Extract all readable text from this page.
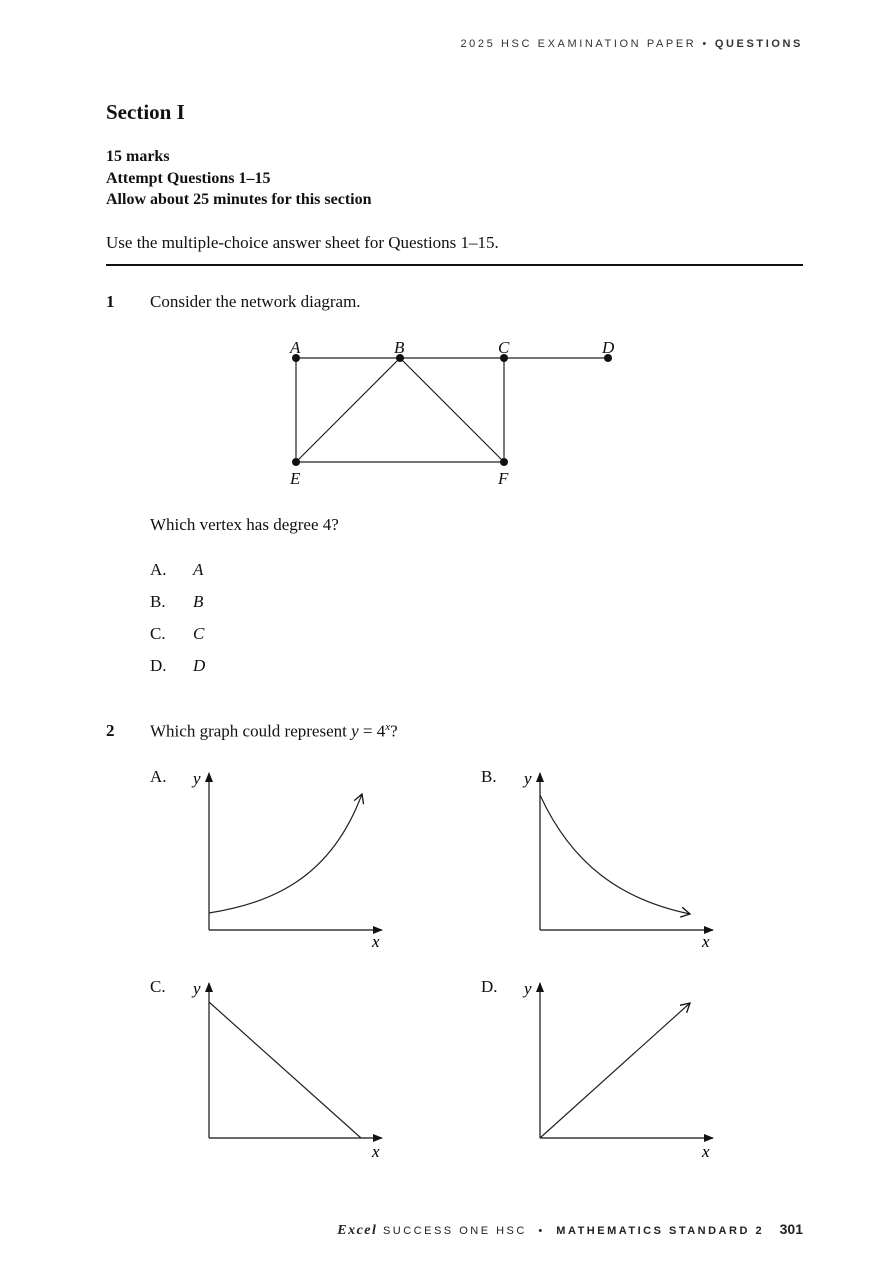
2025 HSC EXAMINATION PAPER • QUESTIONS
Section I
15 marks
Attempt Questions 1–15
Allow about 25 minutes for this section
Use the multiple-choice answer sheet for Questions 1–15.
1 Consider the network diagram.
A	B	C	D
E	F
Which vertex has degree 4?
A. A
B. B
C. C
D. D
2 Which graph could represent $y = 4^x$?
A. y
x
B. y
x
C. y
x
D. y
x
Excel SUCCESS ONE HSC • MATHEMATICS STANDARD 2 301
